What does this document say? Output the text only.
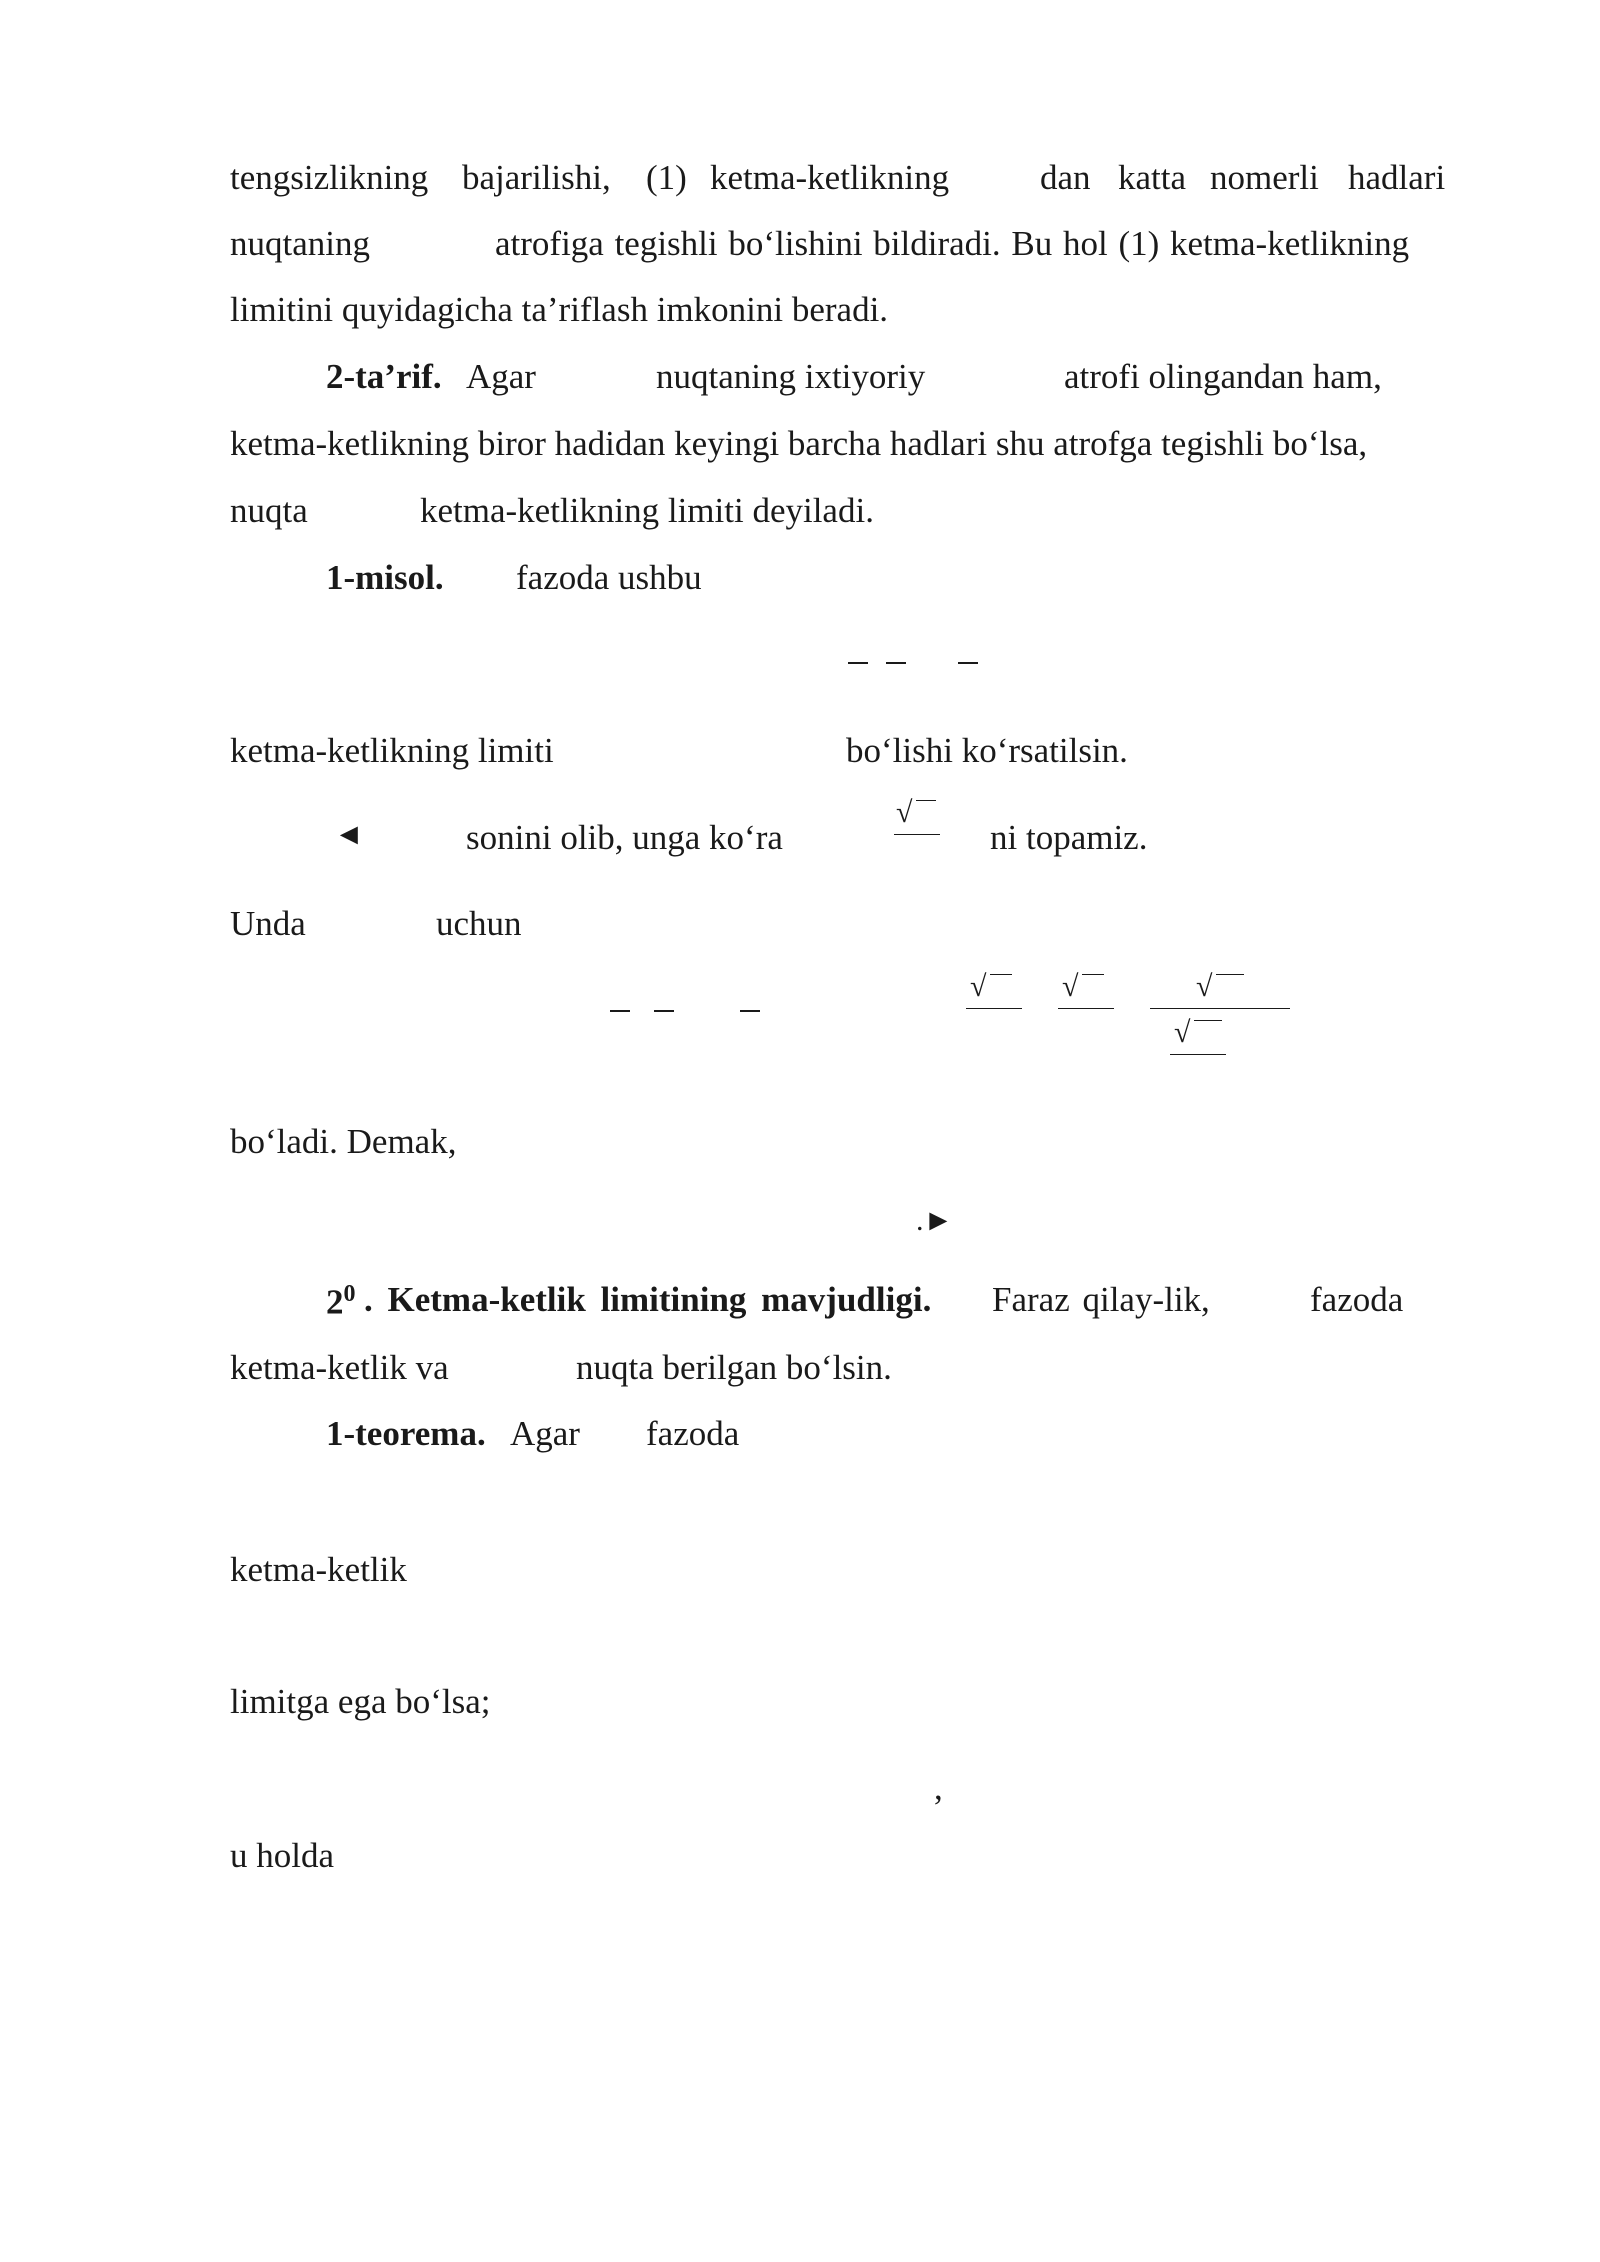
tengsizlikning bajarilishi, (1) ketma-ketlikning	dan katta nomerli hadlari
nuqtaning	atrofiga tegishli bo‘lishini bildiradi. Bu hol (1) ketma-ketlikning
limitini quyidagicha ta’riflash imkonini beradi.
2-ta’rif. Agar	nuqtaning ixtiyoriy	atrofi olingandan ham,
ketma-ketlikning biror hadidan keyingi barcha hadlari shu atrofga tegishli bo‘lsa,
nuqta	ketma-ketlikning limiti deyiladi.
1-misol. fazoda ushbu
ketma-ketlikning limiti	bo‘lishi ko‘rsatilsin.
◄	sonini olib, unga ko‘ra
√
ni topamiz.
Unda	uchun
√	√	√
√
bo‘ladi. Demak,
.►
$2^0$ . Ketma-ketlik limitining mavjudligi. Faraz qilay-lik,	fazoda
ketma-ketlik va	nuqta berilgan bo‘lsin.
1-teorema. Agar fazoda
ketma-ketlik
limitga ega bo‘lsa;
,
u holda
